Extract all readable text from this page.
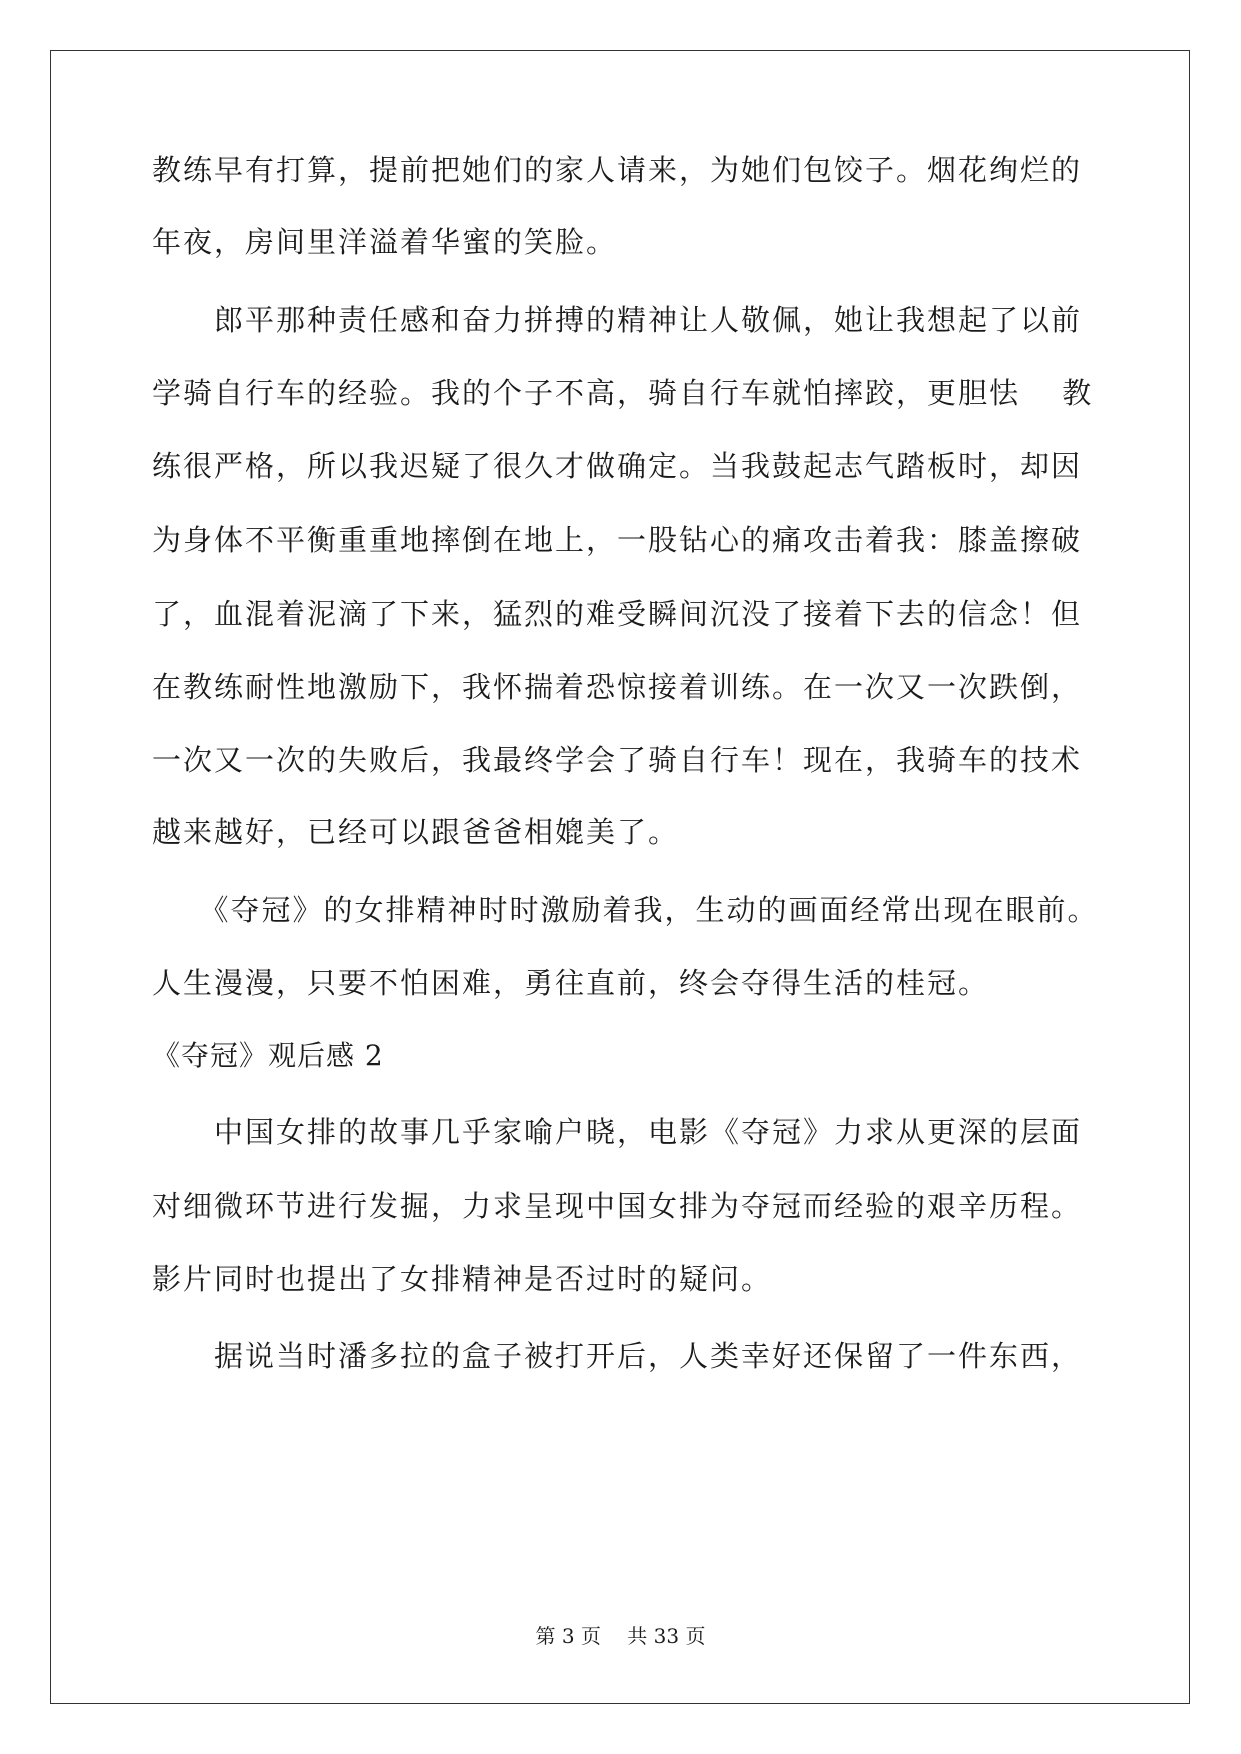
教练早有打算，提前把她们的家人请来，为她们包饺子。烟花绚烂的
年夜，房间里洋溢着华蜜的笑脸。
　　郎平那种责任感和奋力拼搏的精神让人敬佩，她让我想起了以前
学骑自行车的经验。我的个子不高，骑自行车就怕摔跤，更胆怯　 教
练很严格，所以我迟疑了很久才做确定。当我鼓起志气踏板时，却因
为身体不平衡重重地摔倒在地上，一股钻心的痛攻击着我：膝盖擦破
了，血混着泥滴了下来，猛烈的难受瞬间沉没了接着下去的信念！但
在教练耐性地激励下，我怀揣着恐惊接着训练。在一次又一次跌倒，
一次又一次的失败后，我最终学会了骑自行车！现在，我骑车的技术
越来越好，已经可以跟爸爸相媲美了。
　　《夺冠》的女排精神时时激励着我，生动的画面经常出现在眼前。
人生漫漫，只要不怕困难，勇往直前，终会夺得生活的桂冠。
《夺冠》观后感 2
　　中国女排的故事几乎家喻户晓，电影《夺冠》力求从更深的层面
对细微环节进行发掘，力求呈现中国女排为夺冠而经验的艰辛历程。
影片同时也提出了女排精神是否过时的疑问。
　　据说当时潘多拉的盒子被打开后，人类幸好还保留了一件东西，
第 3 页　 共 33 页
